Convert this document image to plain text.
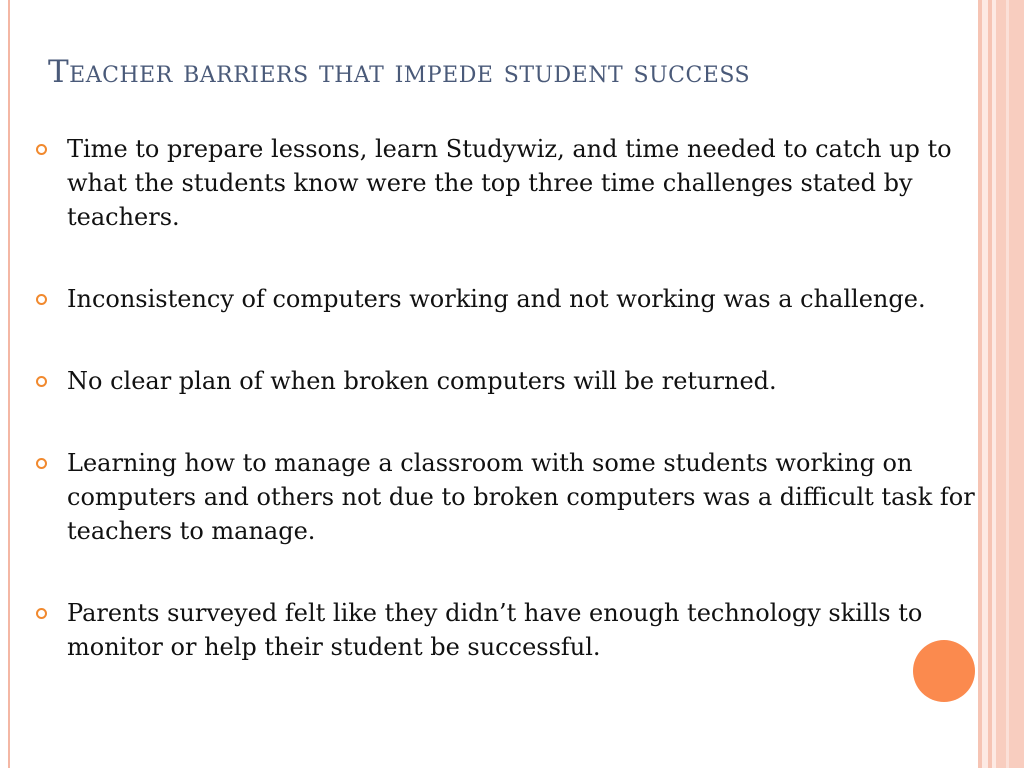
Teacher barriers that impede student success
Time to prepare lessons, learn Studywiz, and time needed to catch up to what the students know were the top three time challenges stated by teachers.
Inconsistency of computers working and not working was a challenge.
No clear plan of when broken computers will be returned.
Learning how to manage a classroom with some students working on computers and others not due to broken computers was a difficult task for teachers to manage.
Parents surveyed felt like they didn’t have enough technology skills to monitor or help their student be successful.
